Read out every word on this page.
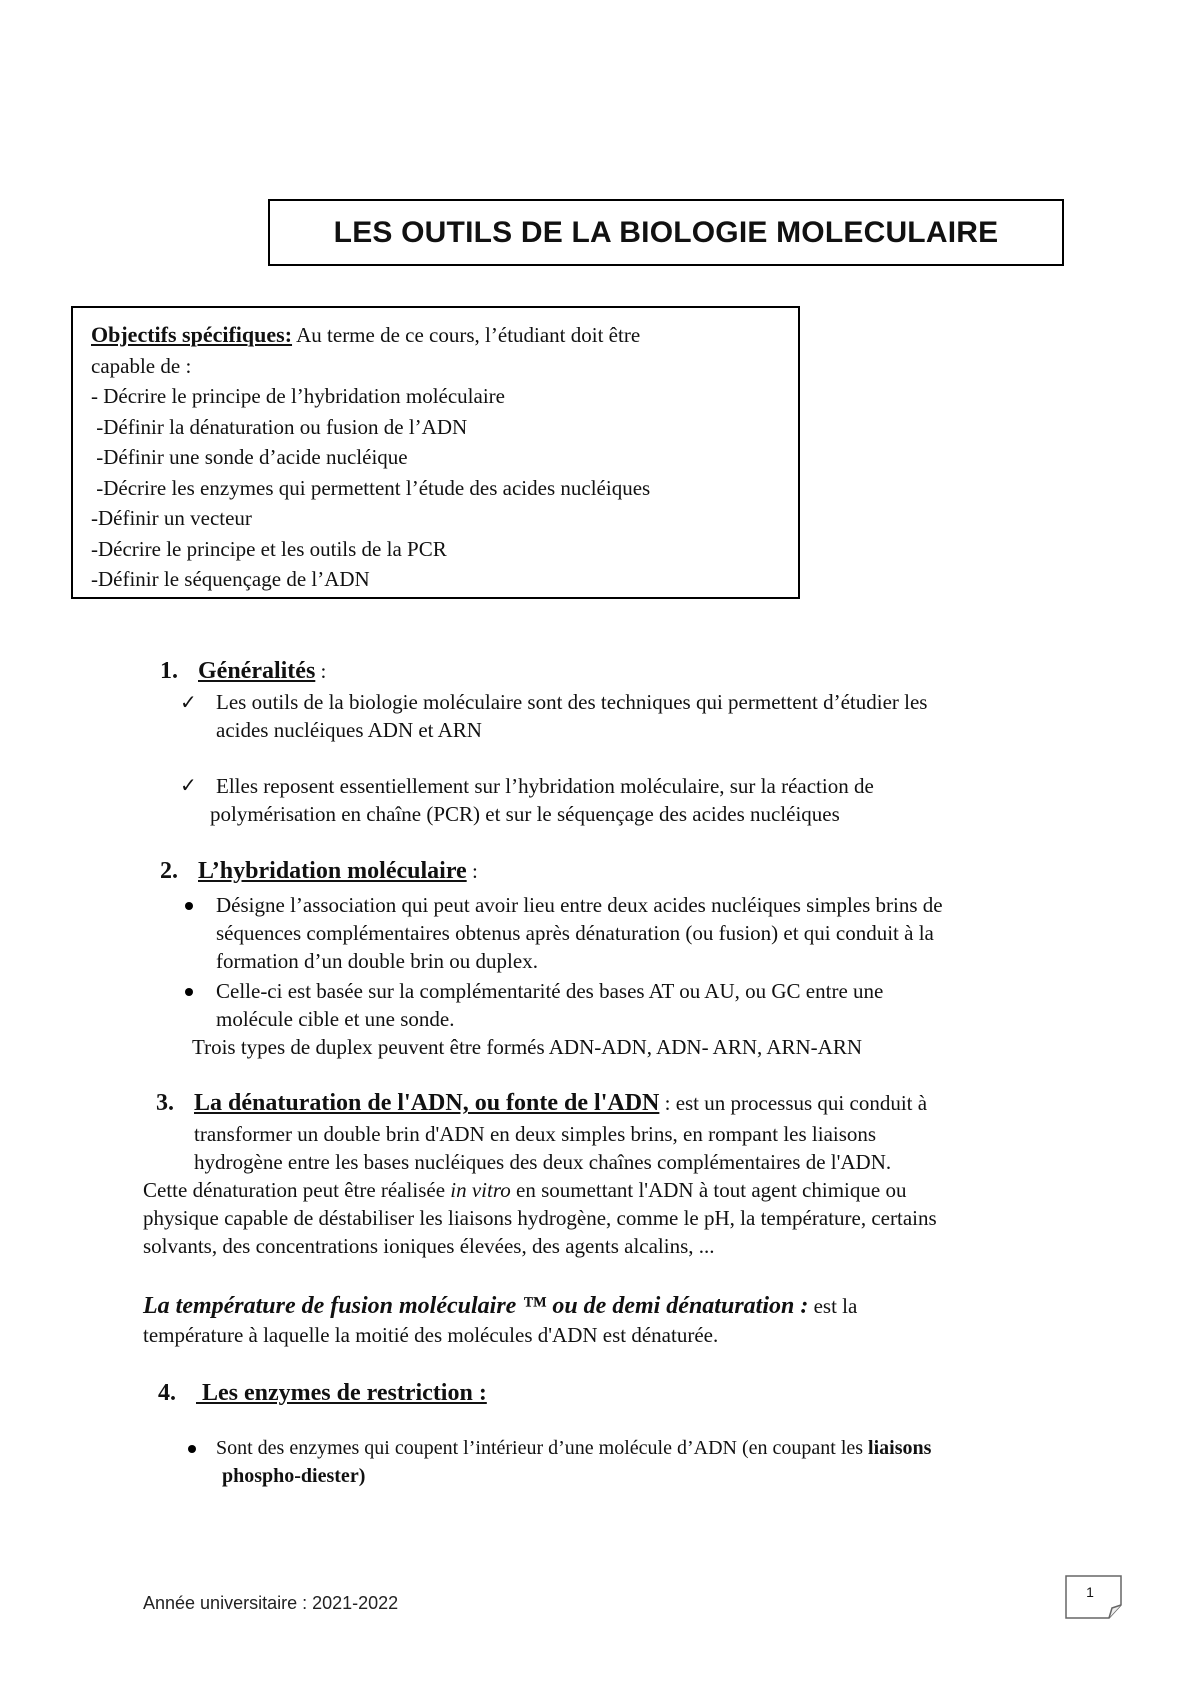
LES OUTILS DE LA BIOLOGIE MOLECULAIRE
Objectifs spécifiques: Au terme de ce cours, l’étudiant doit être
capable de :
- Décrire le principe de l’hybridation moléculaire
-Définir la dénaturation ou fusion de l’ADN
-Définir une sonde d’acide nucléique
-Décrire les enzymes qui permettent l’étude des acides nucléiques
-Définir un vecteur
-Décrire le principe et les outils de la PCR
-Définir le séquençage de l’ADN
1. Généralités :
✓ Les outils de la biologie moléculaire sont des techniques qui permettent d’étudier les
acides nucléiques ADN et ARN
✓ Elles reposent essentiellement sur l’hybridation moléculaire, sur la réaction de
polymérisation en chaîne (PCR) et sur le séquençage des acides nucléiques
2. L’hybridation moléculaire :
Désigne l’association qui peut avoir lieu entre deux acides nucléiques simples brins de
séquences complémentaires obtenus après dénaturation (ou fusion) et qui conduit à la
formation d’un double brin ou duplex.
Celle-ci est basée sur la complémentarité des bases AT ou AU, ou GC entre une
molécule cible et une sonde.
Trois types de duplex peuvent être formés ADN-ADN, ADN- ARN, ARN-ARN
3. La dénaturation de l'ADN, ou fonte de l'ADN : est un processus qui conduit à
transformer un double brin d'ADN en deux simples brins, en rompant les liaisons
hydrogène entre les bases nucléiques des deux chaînes complémentaires de l'ADN.
Cette dénaturation peut être réalisée in vitro en soumettant l'ADN à tout agent chimique ou
physique capable de déstabiliser les liaisons hydrogène, comme le pH, la température, certains
solvants, des concentrations ioniques élevées, des agents alcalins, ...
La température de fusion moléculaire ™ ou de demi dénaturation : est la
température à laquelle la moitié des molécules d'ADN est dénaturée.
4. Les enzymes de restriction :
Sont des enzymes qui coupent l’intérieur d’une molécule d’ADN (en coupant les liaisons
phospho-diester)
Année universitaire : 2021-2022
1
